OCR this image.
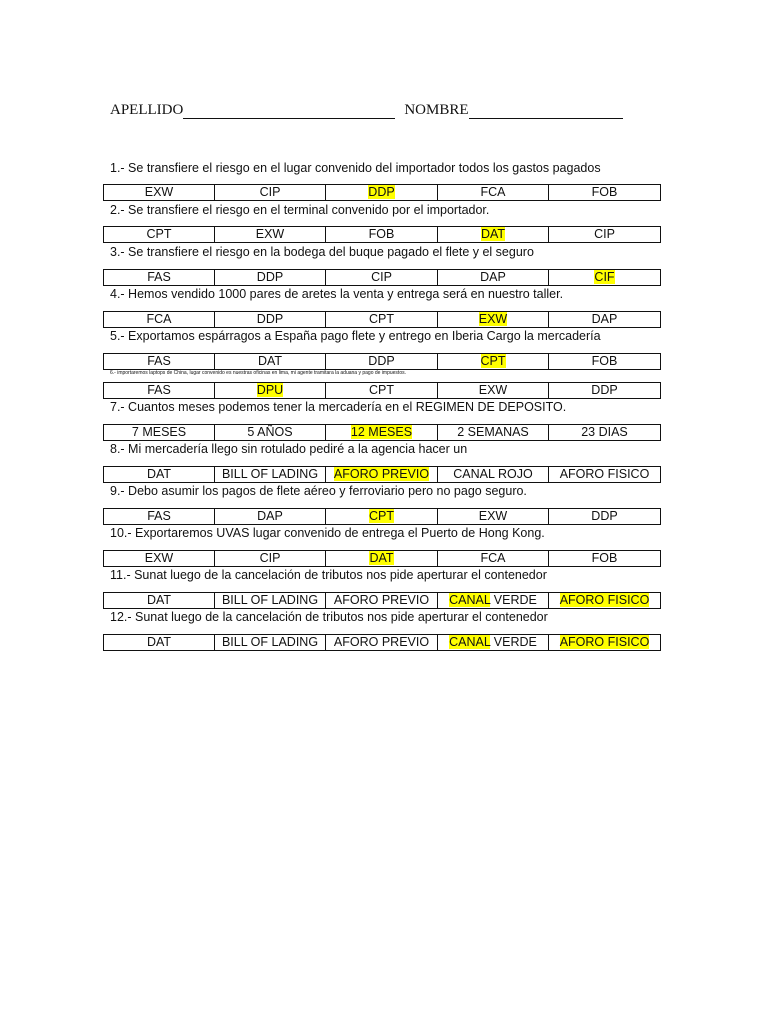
APELLIDO	NOMBRE
1.- Se transfiere el riesgo en el lugar convenido del importador todos los gastos pagados
EXW	CIP	DDP	FCA	FOB
2.- Se transfiere el riesgo en el terminal convenido por el importador.
CPT	EXW	FOB	DAT	CIP
3.- Se transfiere el riesgo en la bodega del buque pagado el flete y el seguro
FAS	DDP	CIP	DAP	CIF
4.- Hemos vendido 1000 pares de aretes la venta y entrega será en nuestro taller.
FCA	DDP	CPT	EXW	DAP
5.- Exportamos espárragos a España pago flete y entrego en Iberia Cargo la mercadería
FAS	DAT	DDP	CPT	FOB
6.- importaremos laptops de China, lugar convenido es nuestras oficinas en lima, mi agente tramitara la aduana y pago de impuestos.
FAS	DPU	CPT	EXW	DDP
7.- Cuantos meses podemos tener la mercadería en el REGIMEN DE DEPOSITO.
7 MESES	5 AÑOS	12 MESES	2 SEMANAS	23 DIAS
8.- Mi mercadería llego sin rotulado pediré a la agencia hacer un
DAT	BILL OF LADING	AFORO PREVIO	CANAL ROJO	AFORO FISICO
9.- Debo asumir los pagos de flete aéreo y ferroviario pero no pago seguro.
FAS	DAP	CPT	EXW	DDP
10.- Exportaremos UVAS lugar convenido de entrega el Puerto de Hong Kong.
EXW	CIP	DAT	FCA	FOB
11.- Sunat luego de la cancelación de tributos nos pide aperturar el contenedor
DAT	BILL OF LADING	AFORO PREVIO	CANAL VERDE	AFORO FISICO
12.- Sunat luego de la cancelación de tributos nos pide aperturar el contenedor
DAT	BILL OF LADING	AFORO PREVIO	CANAL VERDE	AFORO FISICO
